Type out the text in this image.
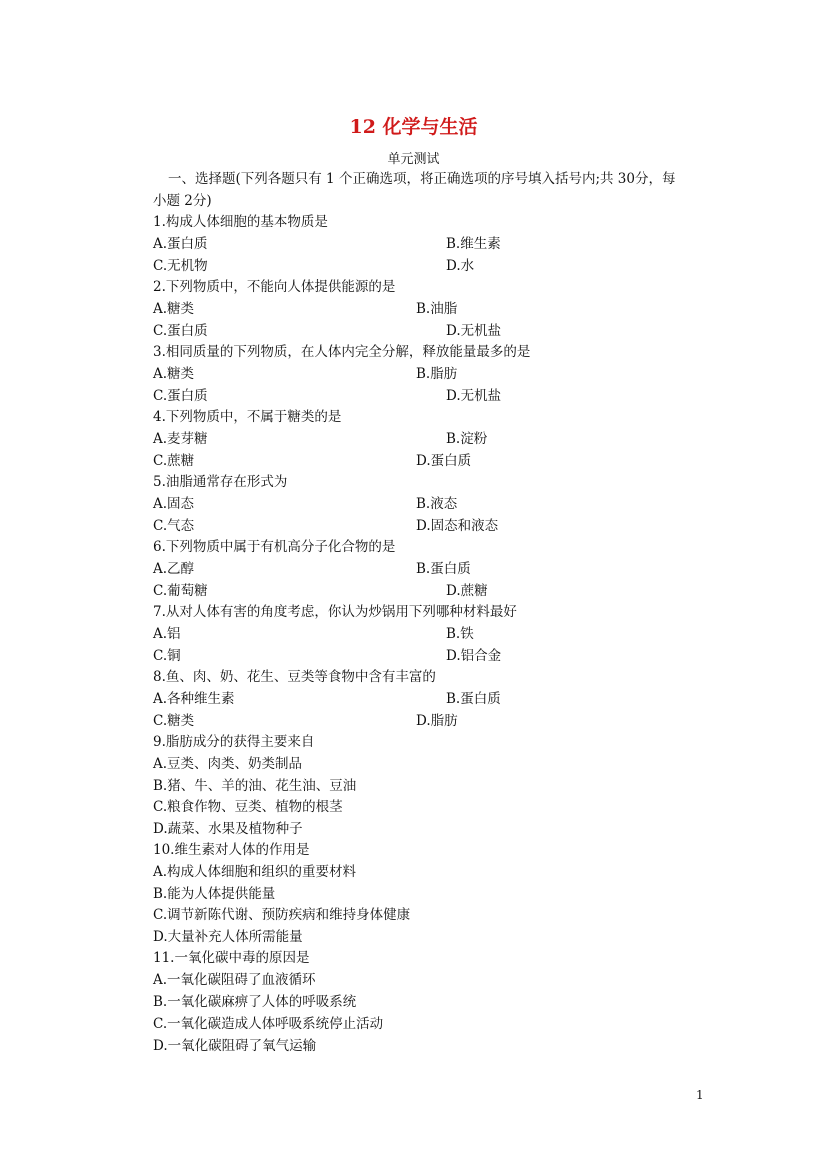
12 化学与生活
单元测试
一、选择题(下列各题只有 1 个正确选项，将正确选项的序号填入括号内;共 30分，每
小题 2分)
1.构成人体细胞的基本物质是
A.蛋白质	B.维生素
C.无机物	D.水
2.下列物质中，不能向人体提供能源的是
A.糖类	B.油脂
C.蛋白质	D.无机盐
3.相同质量的下列物质，在人体内完全分解，释放能量最多的是
A.糖类	B.脂肪
C.蛋白质	D.无机盐
4.下列物质中，不属于糖类的是
A.麦芽糖	B.淀粉
C.蔗糖	D.蛋白质
5.油脂通常存在形式为
A.固态	B.液态
C.气态	D.固态和液态
6.下列物质中属于有机高分子化合物的是
A.乙醇	B.蛋白质
C.葡萄糖	D.蔗糖
7.从对人体有害的角度考虑，你认为炒锅用下列哪种材料最好
A.铝	B.铁
C.铜	D.铝合金
8.鱼、肉、奶、花生、豆类等食物中含有丰富的
A.各种维生素	B.蛋白质
C.糖类	D.脂肪
9.脂肪成分的获得主要来自
A.豆类、肉类、奶类制品
B.猪、牛、羊的油、花生油、豆油
C.粮食作物、豆类、植物的根茎
D.蔬菜、水果及植物种子
10.维生素对人体的作用是
A.构成人体细胞和组织的重要材料
B.能为人体提供能量
C.调节新陈代谢、预防疾病和维持身体健康
D.大量补充人体所需能量
11.一氧化碳中毒的原因是
A.一氧化碳阻碍了血液循环
B.一氧化碳麻痹了人体的呼吸系统
C.一氧化碳造成人体呼吸系统停止活动
D.一氧化碳阻碍了氧气运输
1
